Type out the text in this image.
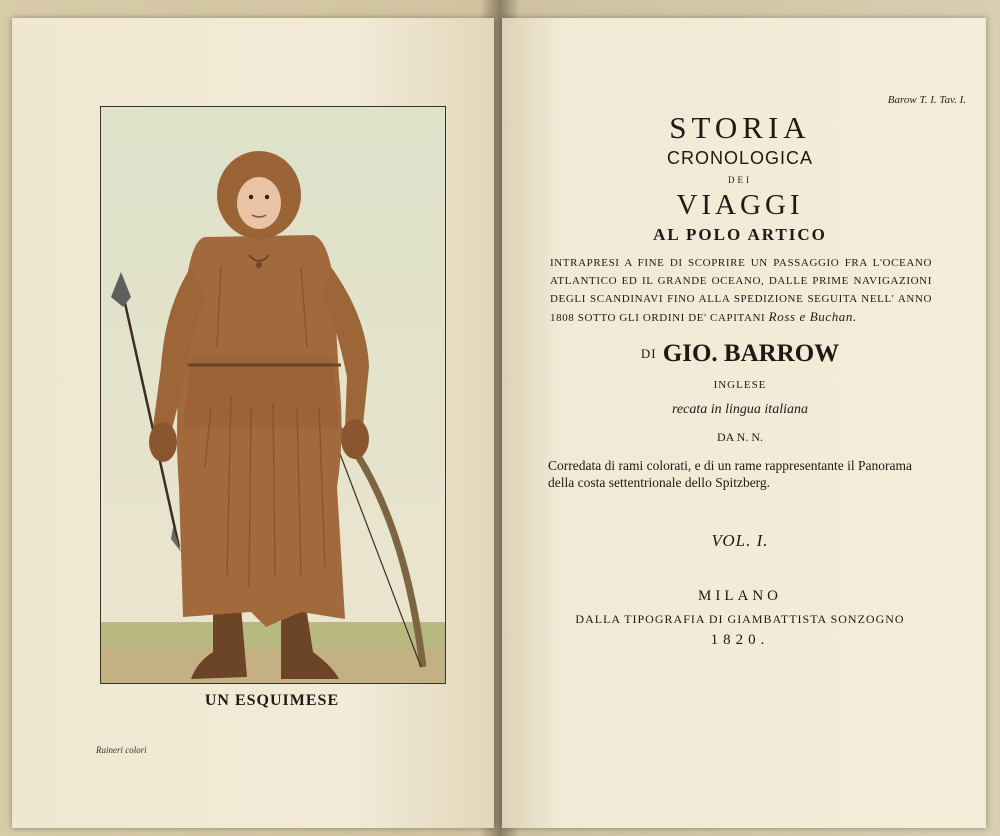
Barow T. I. Tav. I.
UN ESQUIMESE
Raineri colorì
STORIA
CRONOLOGICA
DEI
VIAGGI
AL POLO ARTICO
INTRAPRESI A FINE DI SCOPRIRE UN PASSAGGIO FRA L'OCEANO ATLANTICO ED IL GRANDE OCEANO, DALLE PRIME NAVIGAZIONI DEGLI SCANDINAVI FINO ALLA SPEDIZIONE SEGUITA NELL' ANNO 1808 SOTTO GLI ORDINI DE' CAPITANI Ross e Buchan.
DI GIO. BARROW
INGLESE
recata in lingua italiana
DA N. N.
Corredata di rami colorati, e di un rame rappresentante il Panorama della costa settentrionale dello Spitzberg.
VOL. I.
MILANO
DALLA TIPOGRAFIA DI GIAMBATTISTA SONZOGNO
1820.
